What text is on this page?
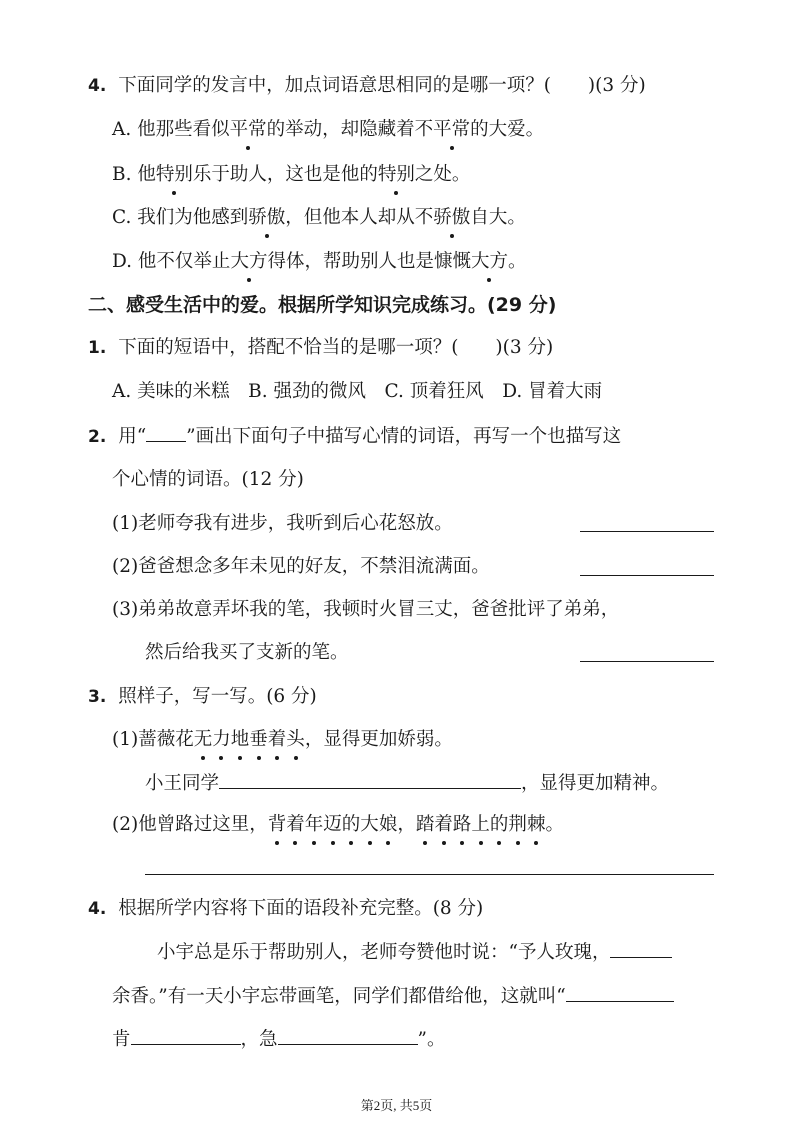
4. 下面同学的发言中，加点词语意思相同的是哪一项？(　　)(3 分)
A. 他那些看似平常的举动，却隐藏着不平常的大爱。
B. 他特别乐于助人，这也是他的特别之处。
C. 我们为他感到骄傲，但他本人却从不骄傲自大。
D. 他不仅举止大方得体，帮助别人也是慷慨大方。
二、感受生活中的爱。根据所学知识完成练习。(29 分)
1. 下面的短语中，搭配不恰当的是哪一项？(　　)(3 分)
A. 美味的米糕　B. 强劲的微风　C. 顶着狂风　D. 冒着大雨
2. 用“ ”画出下面句子中描写心情的词语，再写一个也描写这
个心情的词语。(12 分)
(1)老师夸我有进步，我听到后心花怒放。
(2)爸爸想念多年未见的好友，不禁泪流满面。
(3)弟弟故意弄坏我的笔，我顿时火冒三丈，爸爸批评了弟弟，
然后给我买了支新的笔。
3. 照样子，写一写。(6 分)
(1)蔷薇花无力地垂着头，显得更加娇弱。
小王同学	，显得更加精神。
(2)他曾路过这里，背着年迈的大娘，踏着路上的荆棘。
4. 根据所学内容将下面的语段补充完整。(8 分)
小宇总是乐于帮助别人，老师夸赞他时说：“予人玫瑰，
余香。”有一天小宇忘带画笔，同学们都借给他，这就叫“
肯	，急	”。
第2页, 共5页
